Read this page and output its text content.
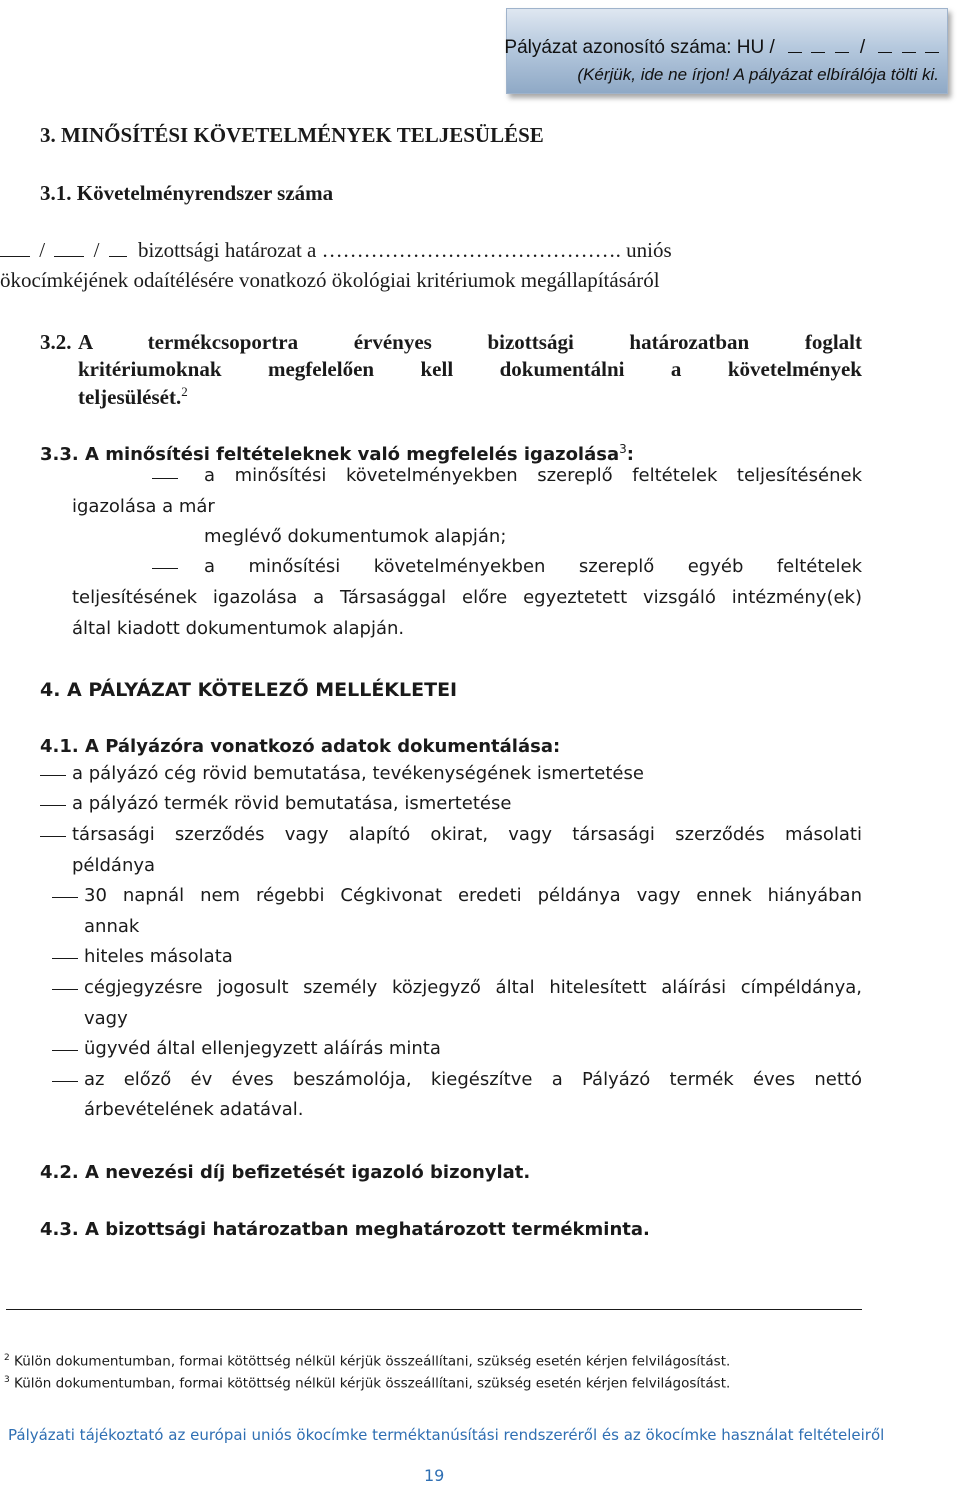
Pályázat azonosító száma: HU /	/
(Kérjük, ide ne írjon! A pályázat elbírálója tölti ki.
3. MINŐSÍTÉSI KÖVETELMÉNYEK TELJESÜLÉSE
3.1. Követelményrendszer száma
/ / bizottsági határozat a ……………………………………. uniós
ökocímkéjének odaítélésére vonatkozó ökológiai kritériumok megállapításáról
3.2. A termékcsoportra érvényes bizottsági határozatban foglalt
kritériumoknak megfelelően kell dokumentálni a követelmények
teljesülését.$^2$
3.3. A minősítési feltételeknek való megfelelés igazolása$^3$:
a minősítési követelményekben szereplő feltételek teljesítésének
igazolása a már
meglévő dokumentumok alapján;
a minősítési követelményekben szereplő egyéb feltételek
teljesítésének igazolása a Társasággal előre egyeztetett vizsgáló intézmény(ek)
által kiadott dokumentumok alapján.
4. A PÁLYÁZAT KÖTELEZŐ MELLÉKLETEI
4.1. A Pályázóra vonatkozó adatok dokumentálása:
a pályázó cég rövid bemutatása, tevékenységének ismertetése
a pályázó termék rövid bemutatása, ismertetése
társasági szerződés vagy alapító okirat, vagy társasági szerződés másolati
példánya
30 napnál nem régebbi Cégkivonat eredeti példánya vagy ennek hiányában
annak
hiteles másolata
cégjegyzésre jogosult személy közjegyző által hitelesített aláírási címpéldánya,
vagy
ügyvéd által ellenjegyzett aláírás minta
az előző év éves beszámolója, kiegészítve a Pályázó termék éves nettó
árbevételének adatával.
4.2. A nevezési díj befizetését igazoló bizonylat.
4.3. A bizottsági határozatban meghatározott termékminta.
$^2$ Külön dokumentumban, formai kötöttség nélkül kérjük összeállítani, szükség esetén kérjen felvilágosítást.
$^3$ Külön dokumentumban, formai kötöttség nélkül kérjük összeállítani, szükség esetén kérjen felvilágosítást.
Pályázati tájékoztató az európai uniós ökocímke terméktanúsítási rendszeréről és az ökocímke használat feltételeiről
19
